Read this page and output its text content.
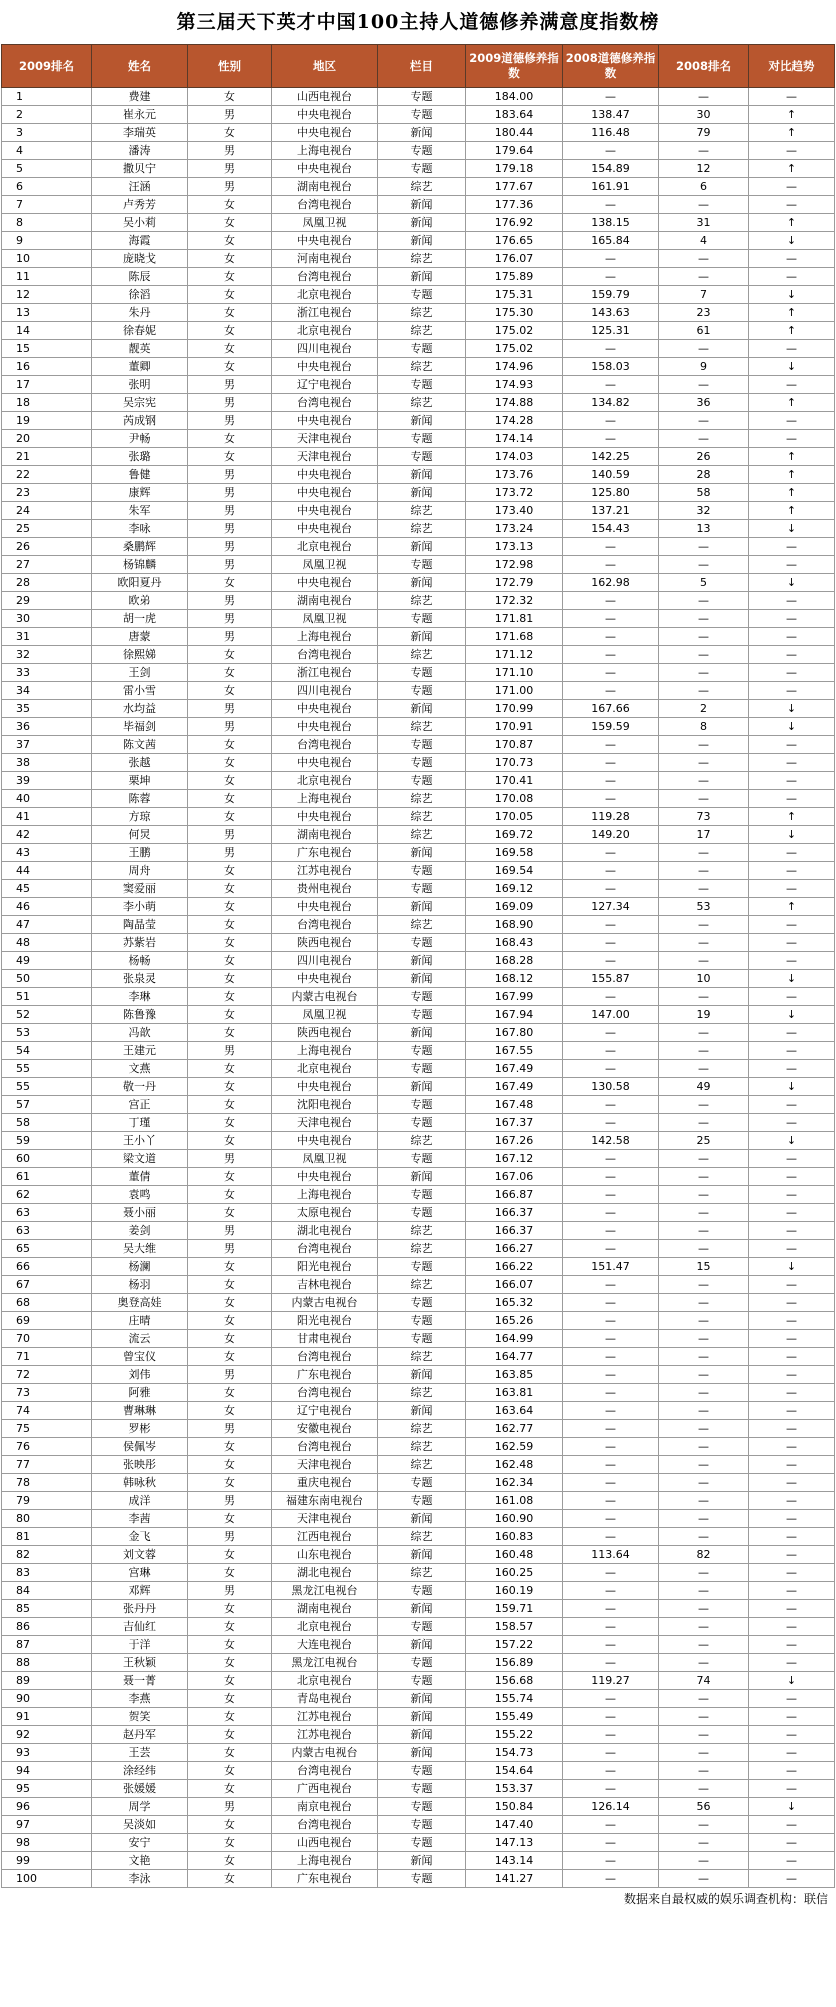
第三届天下英才中国100主持人道德修养满意度指数榜
2009排名	姓名	性别	地区	栏目	2009道德修养指数	2008道德修养指数	2008排名	对比趋势
1	费建	女	山西电视台	专题	184.00	—	—	—
2	崔永元	男	中央电视台	专题	183.64	138.47	30	↑
3	李瑞英	女	中央电视台	新闻	180.44	116.48	79	↑
4	潘涛	男	上海电视台	专题	179.64	—	—	—
5	撒贝宁	男	中央电视台	专题	179.18	154.89	12	↑
6	汪涵	男	湖南电视台	综艺	177.67	161.91	6	—
7	卢秀芳	女	台湾电视台	新闻	177.36	—	—	—
8	吴小莉	女	凤凰卫视	新闻	176.92	138.15	31	↑
9	海霞	女	中央电视台	新闻	176.65	165.84	4	↓
10	庞晓戈	女	河南电视台	综艺	176.07	—	—	—
11	陈辰	女	台湾电视台	新闻	175.89	—	—	—
12	徐滔	女	北京电视台	专题	175.31	159.79	7	↓
13	朱丹	女	浙江电视台	综艺	175.30	143.63	23	↑
14	徐春妮	女	北京电视台	综艺	175.02	125.31	61	↑
15	靓英	女	四川电视台	专题	175.02	—	—	—
16	董卿	女	中央电视台	综艺	174.96	158.03	9	↓
17	张明	男	辽宁电视台	专题	174.93	—	—	—
18	吴宗宪	男	台湾电视台	综艺	174.88	134.82	36	↑
19	芮成钢	男	中央电视台	新闻	174.28	—	—	—
20	尹畅	女	天津电视台	专题	174.14	—	—	—
21	张璐	女	天津电视台	专题	174.03	142.25	26	↑
22	鲁健	男	中央电视台	新闻	173.76	140.59	28	↑
23	康辉	男	中央电视台	新闻	173.72	125.80	58	↑
24	朱军	男	中央电视台	综艺	173.40	137.21	32	↑
25	李咏	男	中央电视台	综艺	173.24	154.43	13	↓
26	桑鹏辉	男	北京电视台	新闻	173.13	—	—	—
27	杨锦麟	男	凤凰卫视	专题	172.98	—	—	—
28	欧阳夏丹	女	中央电视台	新闻	172.79	162.98	5	↓
29	欧弟	男	湖南电视台	综艺	172.32	—	—	—
30	胡一虎	男	凤凰卫视	专题	171.81	—	—	—
31	唐蒙	男	上海电视台	新闻	171.68	—	—	—
32	徐熙娣	女	台湾电视台	综艺	171.12	—	—	—
33	王剑	女	浙江电视台	专题	171.10	—	—	—
34	雷小雪	女	四川电视台	专题	171.00	—	—	—
35	水均益	男	中央电视台	新闻	170.99	167.66	2	↓
36	毕福剑	男	中央电视台	综艺	170.91	159.59	8	↓
37	陈文茜	女	台湾电视台	专题	170.87	—	—	—
38	张越	女	中央电视台	专题	170.73	—	—	—
39	栗坤	女	北京电视台	专题	170.41	—	—	—
40	陈蓉	女	上海电视台	综艺	170.08	—	—	—
41	方琼	女	中央电视台	综艺	170.05	119.28	73	↑
42	何炅	男	湖南电视台	综艺	169.72	149.20	17	↓
43	王鹏	男	广东电视台	新闻	169.58	—	—	—
44	周舟	女	江苏电视台	专题	169.54	—	—	—
45	窦爱丽	女	贵州电视台	专题	169.12	—	—	—
46	李小萌	女	中央电视台	新闻	169.09	127.34	53	↑
47	陶晶莹	女	台湾电视台	综艺	168.90	—	—	—
48	苏紫岩	女	陕西电视台	专题	168.43	—	—	—
49	杨畅	女	四川电视台	新闻	168.28	—	—	—
50	张泉灵	女	中央电视台	新闻	168.12	155.87	10	↓
51	李琳	女	内蒙古电视台	专题	167.99	—	—	—
52	陈鲁豫	女	凤凰卫视	专题	167.94	147.00	19	↓
53	冯歆	女	陕西电视台	新闻	167.80	—	—	—
54	王建元	男	上海电视台	专题	167.55	—	—	—
55	文燕	女	北京电视台	专题	167.49	—	—	—
55	敬一丹	女	中央电视台	新闻	167.49	130.58	49	↓
57	宫正	女	沈阳电视台	专题	167.48	—	—	—
58	丁瑾	女	天津电视台	专题	167.37	—	—	—
59	王小丫	女	中央电视台	综艺	167.26	142.58	25	↓
60	梁文道	男	凤凰卫视	专题	167.12	—	—	—
61	董倩	女	中央电视台	新闻	167.06	—	—	—
62	袁鸣	女	上海电视台	专题	166.87	—	—	—
63	聂小丽	女	太原电视台	专题	166.37	—	—	—
63	姜剑	男	湖北电视台	综艺	166.37	—	—	—
65	吴大维	男	台湾电视台	综艺	166.27	—	—	—
66	杨澜	女	阳光电视台	专题	166.22	151.47	15	↓
67	杨羽	女	吉林电视台	综艺	166.07	—	—	—
68	奥登高娃	女	内蒙古电视台	专题	165.32	—	—	—
69	庄晴	女	阳光电视台	专题	165.26	—	—	—
70	流云	女	甘肃电视台	专题	164.99	—	—	—
71	曾宝仪	女	台湾电视台	综艺	164.77	—	—	—
72	刘伟	男	广东电视台	新闻	163.85	—	—	—
73	阿雅	女	台湾电视台	综艺	163.81	—	—	—
74	曹琳琳	女	辽宁电视台	新闻	163.64	—	—	—
75	罗彬	男	安徽电视台	综艺	162.77	—	—	—
76	侯佩岑	女	台湾电视台	综艺	162.59	—	—	—
77	张映彤	女	天津电视台	综艺	162.48	—	—	—
78	韩咏秋	女	重庆电视台	专题	162.34	—	—	—
79	成洋	男	福建东南电视台	专题	161.08	—	—	—
80	李茜	女	天津电视台	新闻	160.90	—	—	—
81	金飞	男	江西电视台	综艺	160.83	—	—	—
82	刘文蓉	女	山东电视台	新闻	160.48	113.64	82	—
83	宫琳	女	湖北电视台	综艺	160.25	—	—	—
84	邓辉	男	黑龙江电视台	专题	160.19	—	—	—
85	张丹丹	女	湖南电视台	新闻	159.71	—	—	—
86	吉仙红	女	北京电视台	专题	158.57	—	—	—
87	于洋	女	大连电视台	新闻	157.22	—	—	—
88	王秋颖	女	黑龙江电视台	专题	156.89	—	—	—
89	聂一菁	女	北京电视台	专题	156.68	119.27	74	↓
90	李燕	女	青岛电视台	新闻	155.74	—	—	—
91	贺笑	女	江苏电视台	新闻	155.49	—	—	—
92	赵丹军	女	江苏电视台	新闻	155.22	—	—	—
93	王芸	女	内蒙古电视台	新闻	154.73	—	—	—
94	涂经纬	女	台湾电视台	专题	154.64	—	—	—
95	张媛媛	女	广西电视台	专题	153.37	—	—	—
96	周学	男	南京电视台	专题	150.84	126.14	56	↓
97	吴淡如	女	台湾电视台	专题	147.40	—	—	—
98	安宁	女	山西电视台	专题	147.13	—	—	—
99	文艳	女	上海电视台	新闻	143.14	—	—	—
100	李泳	女	广东电视台	专题	141.27	—	—	—
数据来自最权威的娱乐调查机构：联信
